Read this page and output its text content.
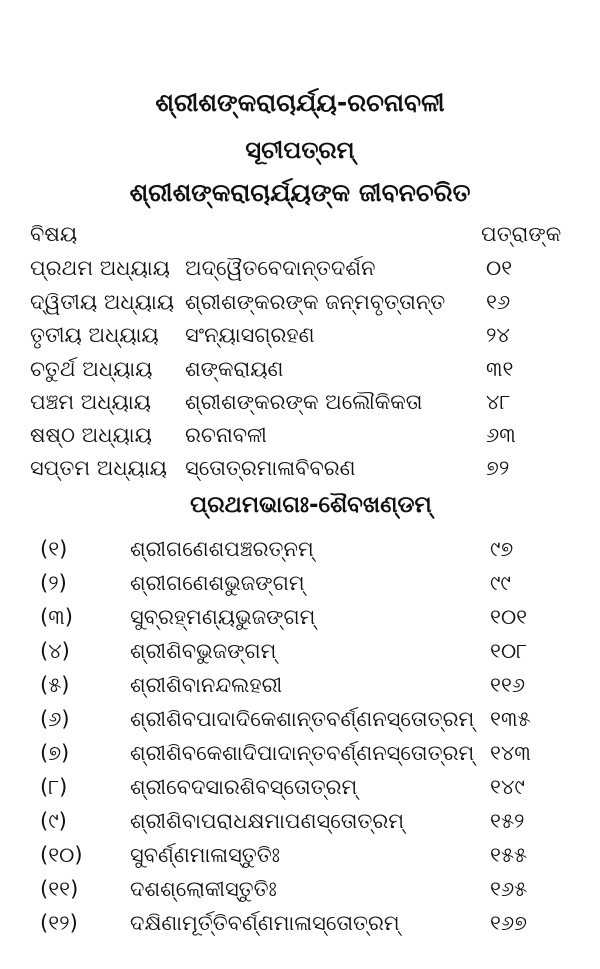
ଶ୍ରୀଶଙ୍କରାଚାର୍ଯ୍ୟ-ରଚନାବଳୀ
ସୂଚୀପତ୍ରମ୍
ଶ୍ରୀଶଙ୍କରାଚାର୍ଯ୍ୟଙ୍କ ଜୀବନଚରିତ
ବିଷୟ	ପତ୍ରାଙ୍କ
ପ୍ରଥମ ଅଧ୍ୟାୟ ଅଦ୍ୱୈତବେଦାନ୍ତଦର୍ଶନ	୦୧
ଦ୍ୱିତୀୟ ଅଧ୍ୟାୟ ଶ୍ରୀଶଙ୍କରଙ୍କ ଜନ୍ମବୃତ୍ତାନ୍ତ ୧୬
ତୃତୀୟ ଅଧ୍ୟାୟ ସଂନ୍ୟାସଗ୍ରହଣ	୨୪
ଚତୁର୍ଥ ଅଧ୍ୟାୟ ଶଙ୍କରାୟଣ	୩୧
ପଞ୍ଚମ ଅଧ୍ୟାୟ ଶ୍ରୀଶଙ୍କରଙ୍କ ଅଲୌକିକତା	୪୮
ଷଷ୍ଠ ଅଧ୍ୟାୟ ରଚନାବଳୀ	୬୩
ସପ୍ତମ ଅଧ୍ୟାୟ ସ୍ତୋତ୍ରମାଳାବିବରଣ	୭୨
ପ୍ରଥମଭାଗଃ-ଶୈବଖଣ୍ଡମ୍
(୧)	ଶ୍ରୀଗଣେଶପଞ୍ଚରତ୍ନମ୍	୯୭
(୨)	ଶ୍ରୀଗଣେଶଭୁଜଙ୍ଗମ୍	୯୯
(୩)	ସୁବ୍ରହ୍ମଣ୍ୟଭୁଜଙ୍ଗମ୍	୧୦୧
(୪)	ଶ୍ରୀଶିବଭୁଜଙ୍ଗମ୍	୧୦୮
(୫)	ଶ୍ରୀଶିବାନନ୍ଦଲହରୀ	୧୧୬
(୬)	ଶ୍ରୀଶିବପାଦାଦିକେଶାନ୍ତବର୍ଣ୍ଣନସ୍ତୋତ୍ରମ୍ ୧୩୫
(୭)	ଶ୍ରୀଶିବକେଶାଦିପାଦାନ୍ତବର୍ଣ୍ଣନସ୍ତୋତ୍ରମ୍ ୧୪୩
(୮)	ଶ୍ରୀବେଦସାରଶିବସ୍ତୋତ୍ରମ୍	୧୪୯
(୯)	ଶ୍ରୀଶିବାପରାଧକ୍ଷମାପଣସ୍ତୋତ୍ରମ୍	୧୫୨
(୧୦) ସୁବର୍ଣ୍ଣମାଳାସ୍ତୁତିଃ	୧୫୫
(୧୧) ଦଶଶ୍ଲୋକୀସ୍ତୁତିଃ	୧୬୫
(୧୨) ଦକ୍ଷିଣାମୂର୍ତ୍ତିବର୍ଣ୍ଣମାଳାସ୍ତୋତ୍ରମ୍	୧୬୭
